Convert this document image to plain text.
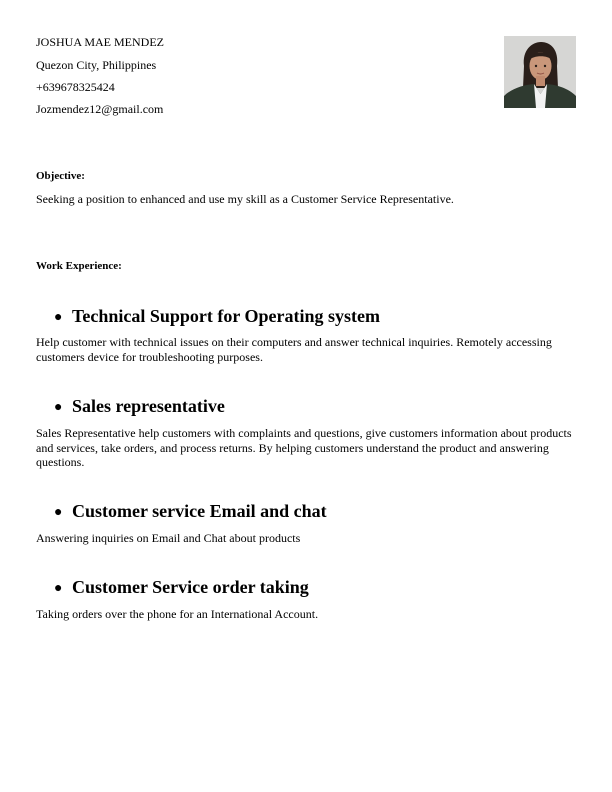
JOSHUA MAE MENDEZ
Quezon City, Philippines
+639678325424
Jozmendez12@gmail.com
Objective:
Seeking a position to enhanced and use my skill as a Customer Service Representative.
Work Experience:
● Technical Support for Operating system
Help customer with technical issues on their computers and answer technical inquiries. Remotely accessing customers device for troubleshooting purposes.
● Sales representative
Sales Representative help customers with complaints and questions, give customers information about products and services, take orders, and process returns. By helping customers understand the product and answering questions.
● Customer service Email and chat
Answering inquiries on Email and Chat about products
● Customer Service order taking
Taking orders over the phone for an International Account.
